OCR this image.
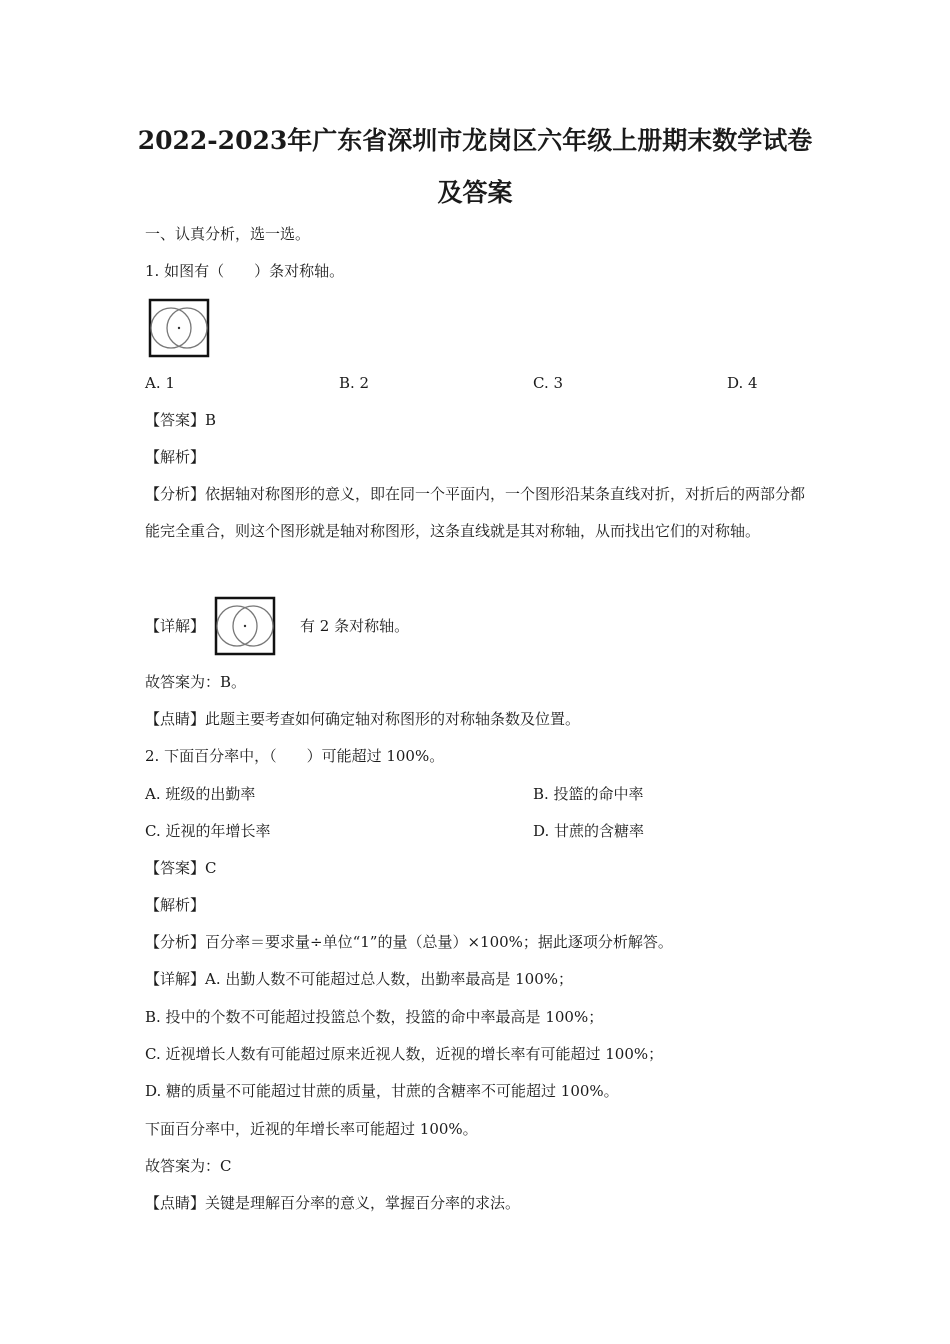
2022-2023年广东省深圳市龙岗区六年级上册期末数学试卷
及答案
一、认真分析，选一选。
1. 如图有（　　）条对称轴。
A. 1	B. 2	C. 3	D. 4
【答案】B
【解析】
【分析】依据轴对称图形的意义，即在同一个平面内，一个图形沿某条直线对折，对折后的两部分都能完全重合，则这个图形就是轴对称图形，这条直线就是其对称轴，从而找出它们的对称轴。
【详解】	有 2 条对称轴。
故答案为：B。
【点睛】此题主要考查如何确定轴对称图形的对称轴条数及位置。
2. 下面百分率中，（　　）可能超过 100%。
A. 班级的出勤率	B. 投篮的命中率
C. 近视的年增长率	D. 甘蔗的含糖率
【答案】C
【解析】
【分析】百分率＝要求量÷单位“1”的量（总量）×100%；据此逐项分析解答。
【详解】A. 出勤人数不可能超过总人数，出勤率最高是 100%；
B. 投中的个数不可能超过投篮总个数，投篮的命中率最高是 100%；
C. 近视增长人数有可能超过原来近视人数，近视的增长率有可能超过 100%；
D. 糖的质量不可能超过甘蔗的质量，甘蔗的含糖率不可能超过 100%。
下面百分率中，近视的年增长率可能超过 100%。
故答案为：C
【点睛】关键是理解百分率的意义，掌握百分率的求法。
